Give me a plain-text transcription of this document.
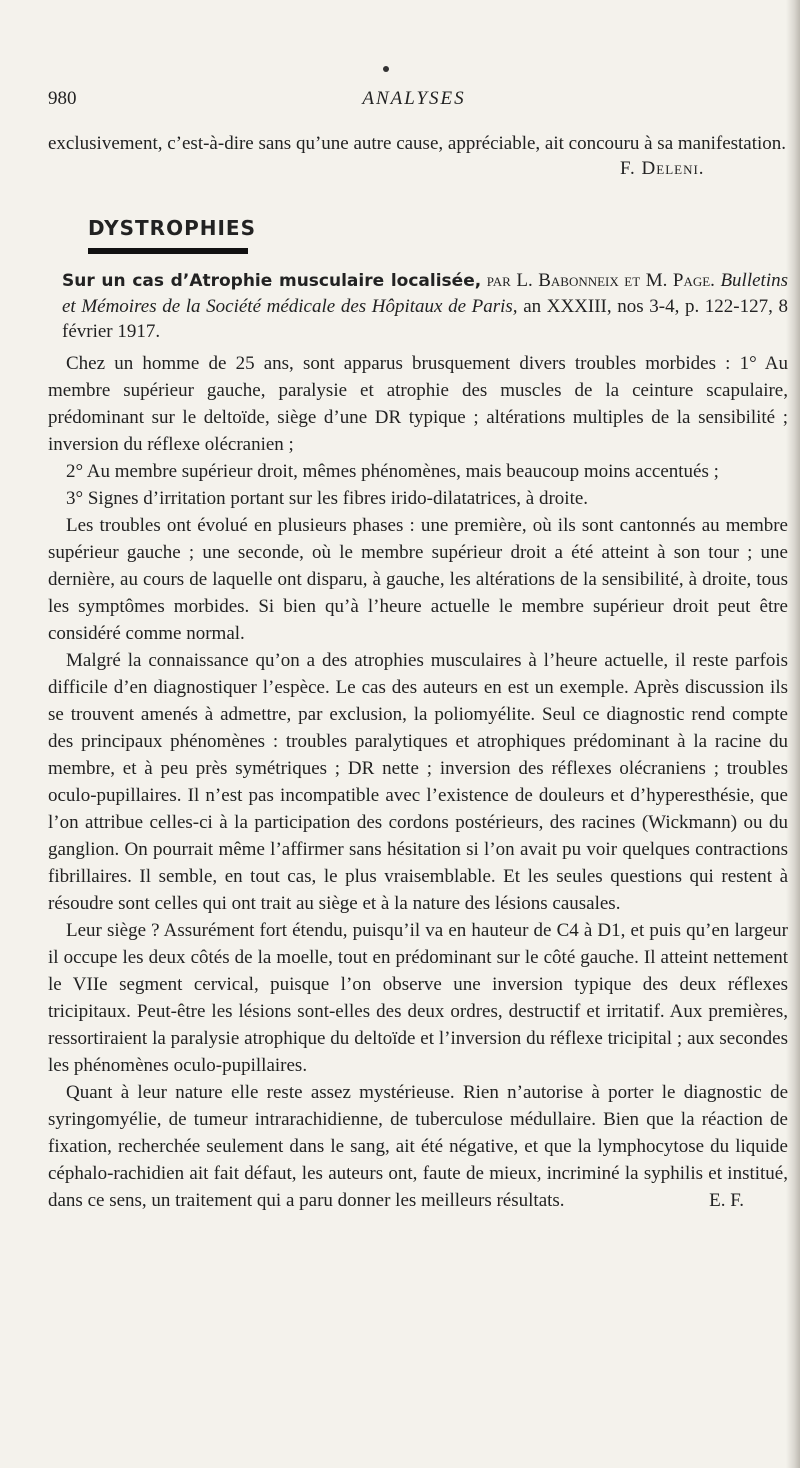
980	ANALYSES
exclusivement, c’est-à-dire sans qu’une autre cause, appréciable, ait concouru à sa manifestation.
F. Deleni.
DYSTROPHIES
Sur un cas d’Atrophie musculaire localisée, par L. Babonneix et M. Page. Bulletins et Mémoires de la Société médicale des Hôpitaux de Paris, an XXXIII, nos 3-4, p. 122-127, 8 février 1917.

Chez un homme de 25 ans, sont apparus brusquement divers troubles morbides : 1° Au membre supérieur gauche, paralysie et atrophie des muscles de la ceinture scapulaire, prédominant sur le deltoïde, siège d’une DR typique ; altérations multiples de la sensibilité ; inversion du réflexe olécranien ;

2° Au membre supérieur droit, mêmes phénomènes, mais beaucoup moins accentués ;

3° Signes d’irritation portant sur les fibres irido-dilatatrices, à droite.

Les troubles ont évolué en plusieurs phases : une première, où ils sont cantonnés au membre supérieur gauche ; une seconde, où le membre supérieur droit a été atteint à son tour ; une dernière, au cours de laquelle ont disparu, à gauche, les altérations de la sensibilité, à droite, tous les symptômes morbides. Si bien qu’à l’heure actuelle le membre supérieur droit peut être considéré comme normal.

Malgré la connaissance qu’on a des atrophies musculaires à l’heure actuelle, il reste parfois difficile d’en diagnostiquer l’espèce. Le cas des auteurs en est un exemple. Après discussion ils se trouvent amenés à admettre, par exclusion, la poliomyélite. Seul ce diagnostic rend compte des principaux phénomènes : troubles paralytiques et atrophiques prédominant à la racine du membre, et à peu près symétriques ; DR nette ; inversion des réflexes olécraniens ; troubles oculo-pupillaires. Il n’est pas incompatible avec l’existence de douleurs et d’hyperesthésie, que l’on attribue celles-ci à la participation des cordons postérieurs, des racines (Wickmann) ou du ganglion. On pourrait même l’affirmer sans hésitation si l’on avait pu voir quelques contractions fibrillaires. Il semble, en tout cas, le plus vraisemblable. Et les seules questions qui restent à résoudre sont celles qui ont trait au siège et à la nature des lésions causales.

Leur siège ? Assurément fort étendu, puisqu’il va en hauteur de C4 à D1, et puis qu’en largeur il occupe les deux côtés de la moelle, tout en prédominant sur le côté gauche. Il atteint nettement le VIIe segment cervical, puisque l’on observe une inversion typique des deux réflexes tricipitaux. Peut-être les lésions sont-elles des deux ordres, destructif et irritatif. Aux premières, ressortiraient la paralysie atrophique du deltoïde et l’inversion du réflexe tricipital ; aux secondes les phénomènes oculo-pupillaires.

Quant à leur nature elle reste assez mystérieuse. Rien n’autorise à porter le diagnostic de syringomyélie, de tumeur intrarachidienne, de tuberculose médullaire. Bien que la réaction de fixation, recherchée seulement dans le sang, ait été négative, et que la lymphocytose du liquide céphalo-rachidien ait fait défaut, les auteurs ont, faute de mieux, incriminé la syphilis et institué, dans ce sens, un traitement qui a paru donner les meilleurs résultats.	E. F.
